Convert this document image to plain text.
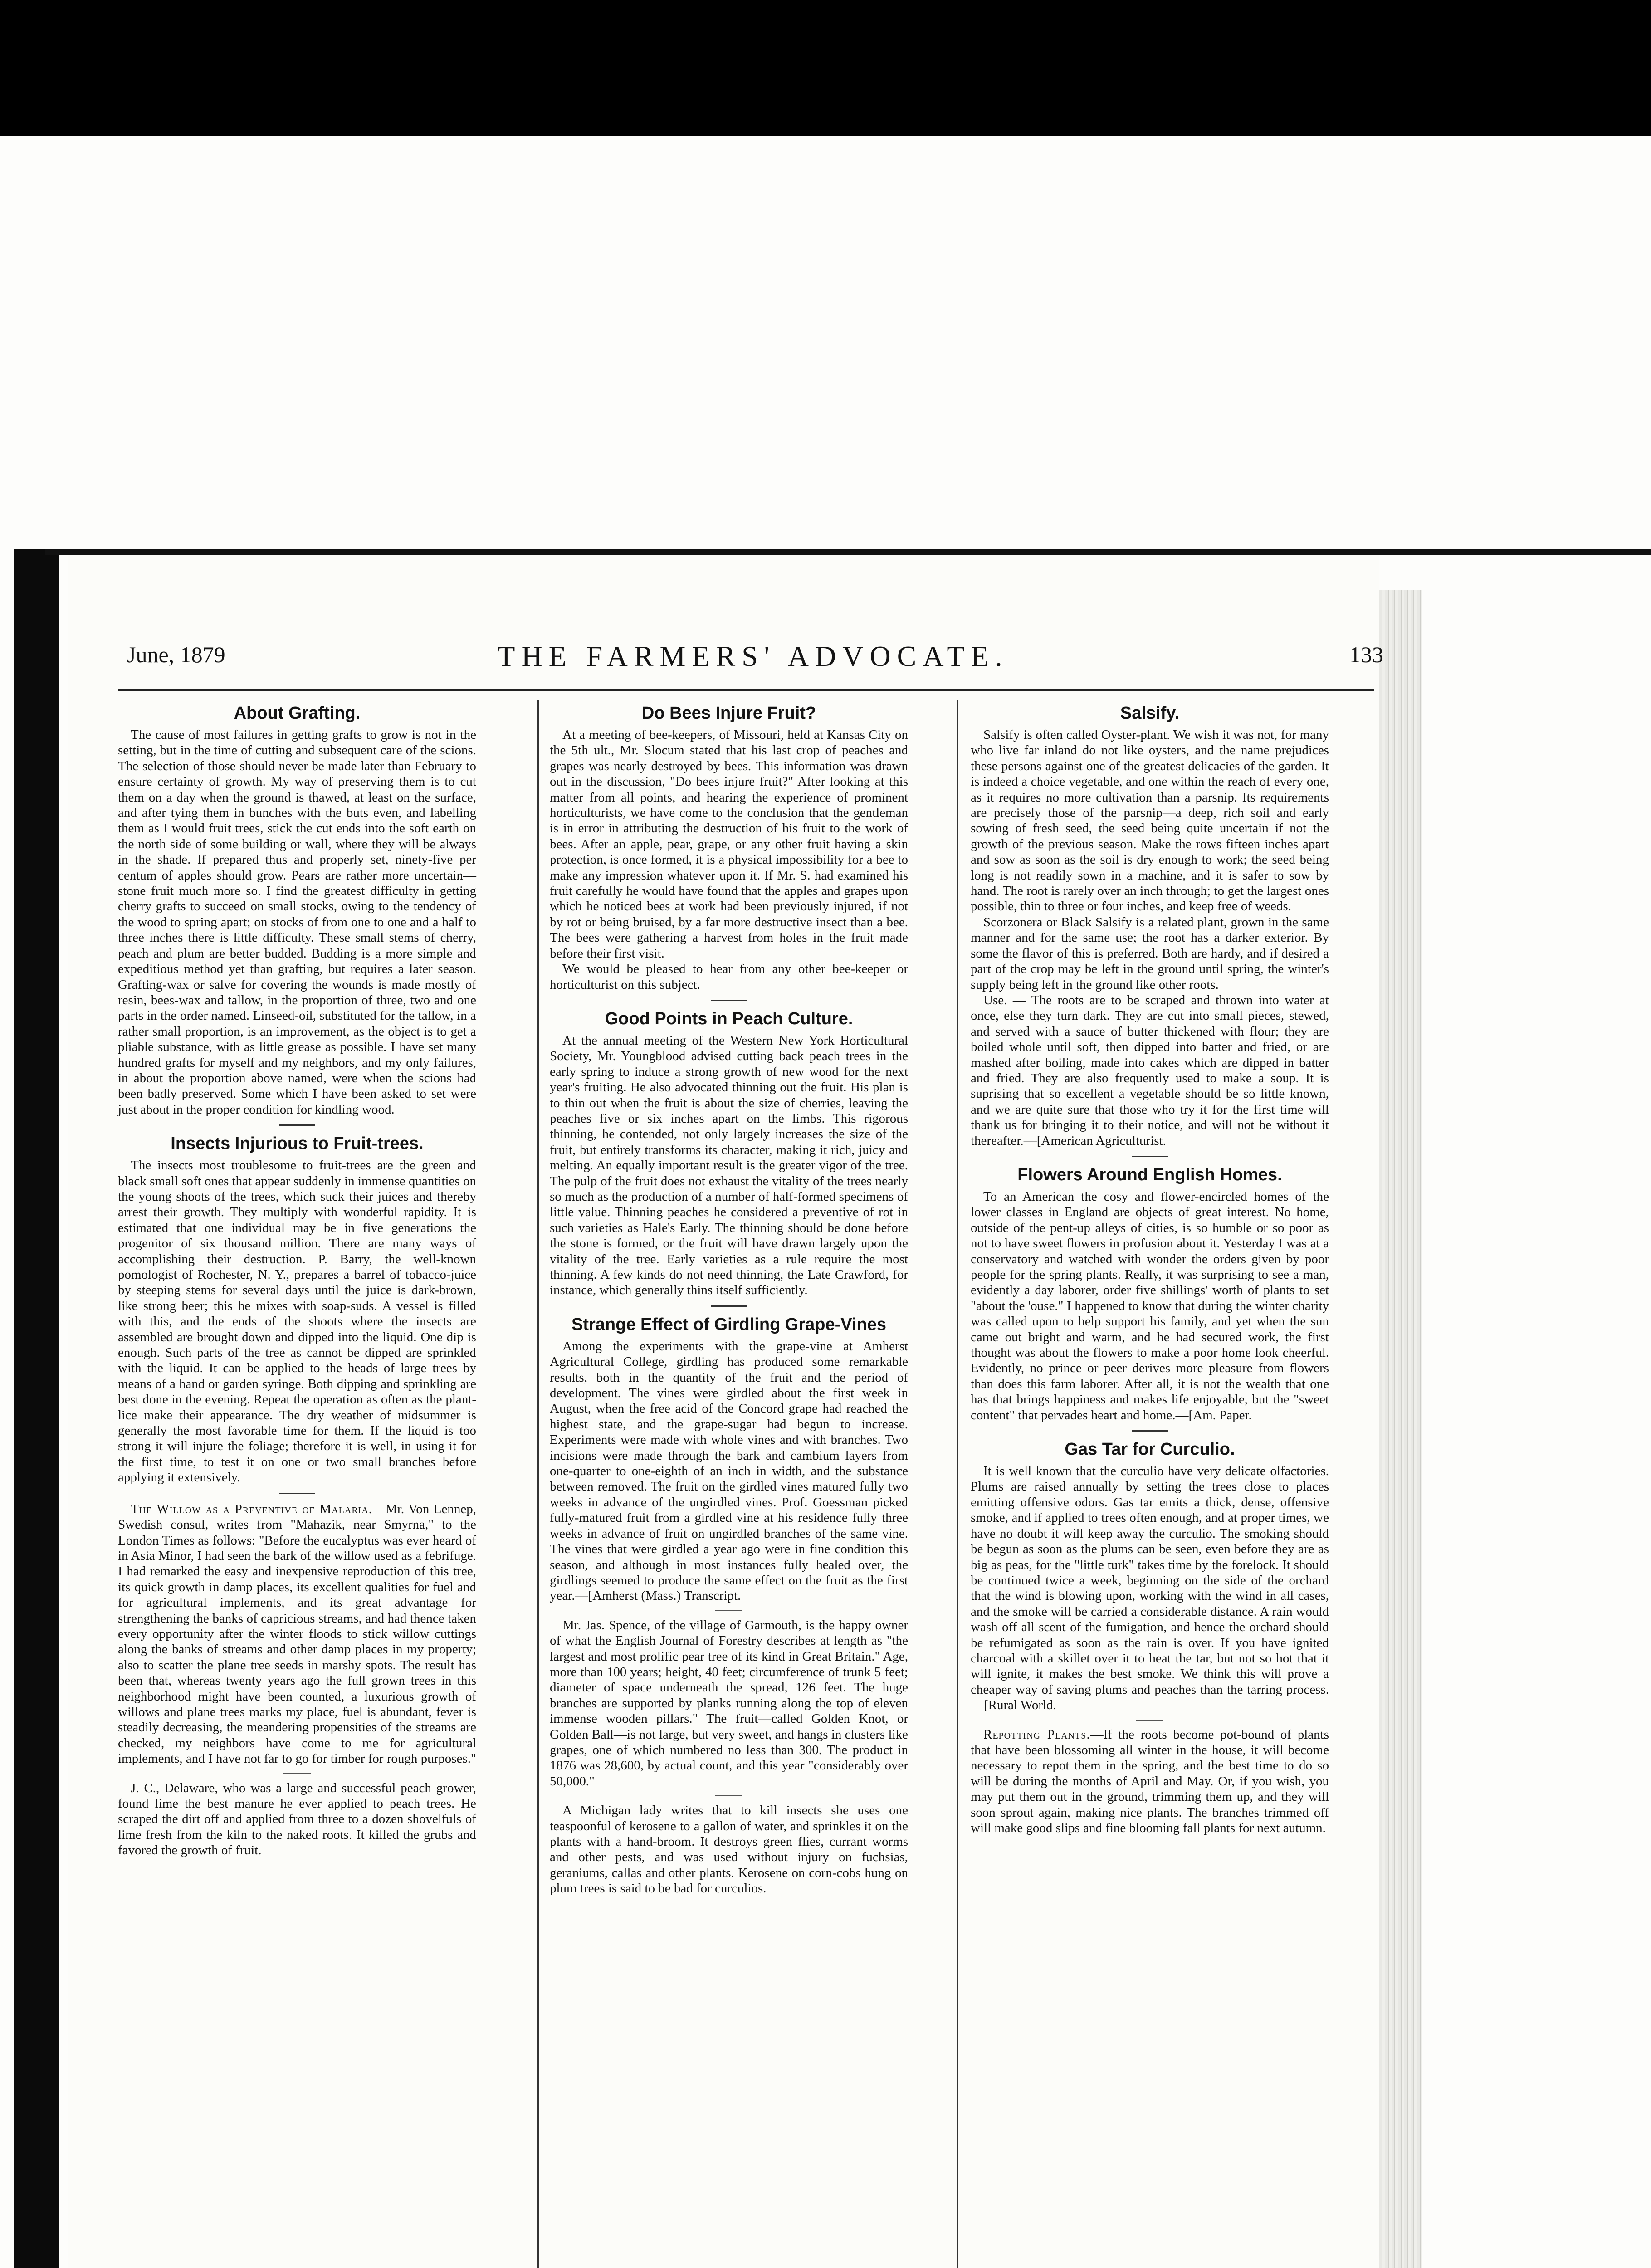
June, 1879	THE FARMERS' ADVOCATE.	133
About Grafting.

The cause of most failures in getting grafts to grow is not in the setting, but in the time of cutting and subsequent care of the scions. The selection of those should never be made later than February to ensure certainty of growth. My way of preserving them is to cut them on a day when the ground is thawed, at least on the surface, and after tying them in bunches with the buts even, and labelling them as I would fruit trees, stick the cut ends into the soft earth on the north side of some building or wall, where they will be always in the shade. If prepared thus and properly set, ninety-five per centum of apples should grow. Pears are rather more uncertain—stone fruit much more so. I find the greatest difficulty in getting cherry grafts to succeed on small stocks, owing to the tendency of the wood to spring apart; on stocks of from one to one and a half to three inches there is little difficulty. These small stems of cherry, peach and plum are better budded. Budding is a more simple and expeditious method yet than grafting, but requires a later season. Grafting-wax or salve for covering the wounds is made mostly of resin, bees-wax and tallow, in the proportion of three, two and one parts in the order named. Linseed-oil, substituted for the tallow, in a rather small proportion, is an improvement, as the object is to get a pliable substance, with as little grease as possible. I have set many hundred grafts for myself and my neighbors, and my only failures, in about the proportion above named, were when the scions had been badly preserved. Some which I have been asked to set were just about in the proper condition for kindling wood.

Insects Injurious to Fruit-trees.

The insects most troublesome to fruit-trees are the green and black small soft ones that appear suddenly in immense quantities on the young shoots of the trees, which suck their juices and thereby arrest their growth. They multiply with wonderful rapidity. It is estimated that one individual may be in five generations the progenitor of six thousand million. There are many ways of accomplishing their destruction. P. Barry, the well-known pomologist of Rochester, N. Y., prepares a barrel of tobacco-juice by steeping stems for several days until the juice is dark-brown, like strong beer; this he mixes with soap-suds. A vessel is filled with this, and the ends of the shoots where the insects are assembled are brought down and dipped into the liquid. One dip is enough. Such parts of the tree as cannot be dipped are sprinkled with the liquid. It can be applied to the heads of large trees by means of a hand or garden syringe. Both dipping and sprinkling are best done in the evening. Repeat the operation as often as the plant-lice make their appearance. The dry weather of midsummer is generally the most favorable time for them. If the liquid is too strong it will injure the foliage; therefore it is well, in using it for the first time, to test it on one or two small branches before applying it extensively.

The Willow as a Preventive of Malaria.—Mr. Von Lennep, Swedish consul, writes from "Mahazik, near Smyrna," to the London Times as follows: "Before the eucalyptus was ever heard of in Asia Minor, I had seen the bark of the willow used as a febrifuge. I had remarked the easy and inexpensive reproduction of this tree, its quick growth in damp places, its excellent qualities for fuel and for agricultural implements, and its great advantage for strengthening the banks of capricious streams, and had thence taken every opportunity after the winter floods to stick willow cuttings along the banks of streams and other damp places in my property; also to scatter the plane tree seeds in marshy spots. The result has been that, whereas twenty years ago the full grown trees in this neighborhood might have been counted, a luxurious growth of willows and plane trees marks my place, fuel is abundant, fever is steadily decreasing, the meandering propensities of the streams are checked, my neighbors have come to me for agricultural implements, and I have not far to go for timber for rough purposes."

J. C., Delaware, who was a large and successful peach grower, found lime the best manure he ever applied to peach trees. He scraped the dirt off and applied from three to a dozen shovelfuls of lime fresh from the kiln to the naked roots. It killed the grubs and favored the growth of fruit.

Do Bees Injure Fruit?

At a meeting of bee-keepers, of Missouri, held at Kansas City on the 5th ult., Mr. Slocum stated that his last crop of peaches and grapes was nearly destroyed by bees. This information was drawn out in the discussion, "Do bees injure fruit?" After looking at this matter from all points, and hearing the experience of prominent horticulturists, we have come to the conclusion that the gentleman is in error in attributing the destruction of his fruit to the work of bees. After an apple, pear, grape, or any other fruit having a skin protection, is once formed, it is a physical impossibility for a bee to make any impression whatever upon it. If Mr. S. had examined his fruit carefully he would have found that the apples and grapes upon which he noticed bees at work had been previously injured, if not by rot or being bruised, by a far more destructive insect than a bee. The bees were gathering a harvest from holes in the fruit made before their first visit.

We would be pleased to hear from any other bee-keeper or horticulturist on this subject.

Good Points in Peach Culture.

At the annual meeting of the Western New York Horticultural Society, Mr. Youngblood advised cutting back peach trees in the early spring to induce a strong growth of new wood for the next year's fruiting. He also advocated thinning out the fruit. His plan is to thin out when the fruit is about the size of cherries, leaving the peaches five or six inches apart on the limbs. This rigorous thinning, he contended, not only largely increases the size of the fruit, but entirely transforms its character, making it rich, juicy and melting. An equally important result is the greater vigor of the tree. The pulp of the fruit does not exhaust the vitality of the trees nearly so much as the production of a number of half-formed specimens of little value. Thinning peaches he considered a preventive of rot in such varieties as Hale's Early. The thinning should be done before the stone is formed, or the fruit will have drawn largely upon the vitality of the tree. Early varieties as a rule require the most thinning. A few kinds do not need thinning, the Late Crawford, for instance, which generally thins itself sufficiently.

Strange Effect of Girdling Grape-Vines

Among the experiments with the grape-vine at Amherst Agricultural College, girdling has produced some remarkable results, both in the quantity of the fruit and the period of development. The vines were girdled about the first week in August, when the free acid of the Concord grape had reached the highest state, and the grape-sugar had begun to increase. Experiments were made with whole vines and with branches. Two incisions were made through the bark and cambium layers from one-quarter to one-eighth of an inch in width, and the substance between removed. The fruit on the girdled vines matured fully two weeks in advance of the ungirdled vines. Prof. Goessman picked fully-matured fruit from a girdled vine at his residence fully three weeks in advance of fruit on ungirdled branches of the same vine. The vines that were girdled a year ago were in fine condition this season, and although in most instances fully healed over, the girdlings seemed to produce the same effect on the fruit as the first year.—[Amherst (Mass.) Transcript.

Mr. Jas. Spence, of the village of Garmouth, is the happy owner of what the English Journal of Forestry describes at length as "the largest and most prolific pear tree of its kind in Great Britain." Age, more than 100 years; height, 40 feet; circumference of trunk 5 feet; diameter of space underneath the spread, 126 feet. The huge branches are supported by planks running along the top of eleven immense wooden pillars." The fruit—called Golden Knot, or Golden Ball—is not large, but very sweet, and hangs in clusters like grapes, one of which numbered no less than 300. The product in 1876 was 28,600, by actual count, and this year "considerably over 50,000."

A Michigan lady writes that to kill insects she uses one teaspoonful of kerosene to a gallon of water, and sprinkles it on the plants with a hand-broom. It destroys green flies, currant worms and other pests, and was used without injury on fuchsias, geraniums, callas and other plants. Kerosene on corn-cobs hung on plum trees is said to be bad for curculios.

Salsify.

Salsify is often called Oyster-plant. We wish it was not, for many who live far inland do not like oysters, and the name prejudices these persons against one of the greatest delicacies of the garden. It is indeed a choice vegetable, and one within the reach of every one, as it requires no more cultivation than a parsnip. Its requirements are precisely those of the parsnip—a deep, rich soil and early sowing of fresh seed, the seed being quite uncertain if not the growth of the previous season. Make the rows fifteen inches apart and sow as soon as the soil is dry enough to work; the seed being long is not readily sown in a machine, and it is safer to sow by hand. The root is rarely over an inch through; to get the largest ones possible, thin to three or four inches, and keep free of weeds.

Scorzonera or Black Salsify is a related plant, grown in the same manner and for the same use; the root has a darker exterior. By some the flavor of this is preferred. Both are hardy, and if desired a part of the crop may be left in the ground until spring, the winter's supply being left in the ground like other roots.

Use. — The roots are to be scraped and thrown into water at once, else they turn dark. They are cut into small pieces, stewed, and served with a sauce of butter thickened with flour; they are boiled whole until soft, then dipped into batter and fried, or are mashed after boiling, made into cakes which are dipped in batter and fried. They are also frequently used to make a soup. It is suprising that so excellent a vegetable should be so little known, and we are quite sure that those who try it for the first time will thank us for bringing it to their notice, and will not be without it thereafter.—[American Agriculturist.

Flowers Around English Homes.

To an American the cosy and flower-encircled homes of the lower classes in England are objects of great interest. No home, outside of the pent-up alleys of cities, is so humble or so poor as not to have sweet flowers in profusion about it. Yesterday I was at a conservatory and watched with wonder the orders given by poor people for the spring plants. Really, it was surprising to see a man, evidently a day laborer, order five shillings' worth of plants to set "about the 'ouse." I happened to know that during the winter charity was called upon to help support his family, and yet when the sun came out bright and warm, and he had secured work, the first thought was about the flowers to make a poor home look cheerful. Evidently, no prince or peer derives more pleasure from flowers than does this farm laborer. After all, it is not the wealth that one has that brings happiness and makes life enjoyable, but the "sweet content" that pervades heart and home.—[Am. Paper.

Gas Tar for Curculio.

It is well known that the curculio have very delicate olfactories. Plums are raised annually by setting the trees close to places emitting offensive odors. Gas tar emits a thick, dense, offensive smoke, and if applied to trees often enough, and at proper times, we have no doubt it will keep away the curculio. The smoking should be begun as soon as the plums can be seen, even before they are as big as peas, for the "little turk" takes time by the forelock. It should be continued twice a week, beginning on the side of the orchard that the wind is blowing upon, working with the wind in all cases, and the smoke will be carried a considerable distance. A rain would wash off all scent of the fumigation, and hence the orchard should be refumigated as soon as the rain is over. If you have ignited charcoal with a skillet over it to heat the tar, but not so hot that it will ignite, it makes the best smoke. We think this will prove a cheaper way of saving plums and peaches than the tarring process.—[Rural World.

Repotting Plants.—If the roots become pot-bound of plants that have been blossoming all winter in the house, it will become necessary to repot them in the spring, and the best time to do so will be during the months of April and May. Or, if you wish, you may put them out in the ground, trimming them up, and they will soon sprout again, making nice plants. The branches trimmed off will make good slips and fine blooming fall plants for next autumn.
